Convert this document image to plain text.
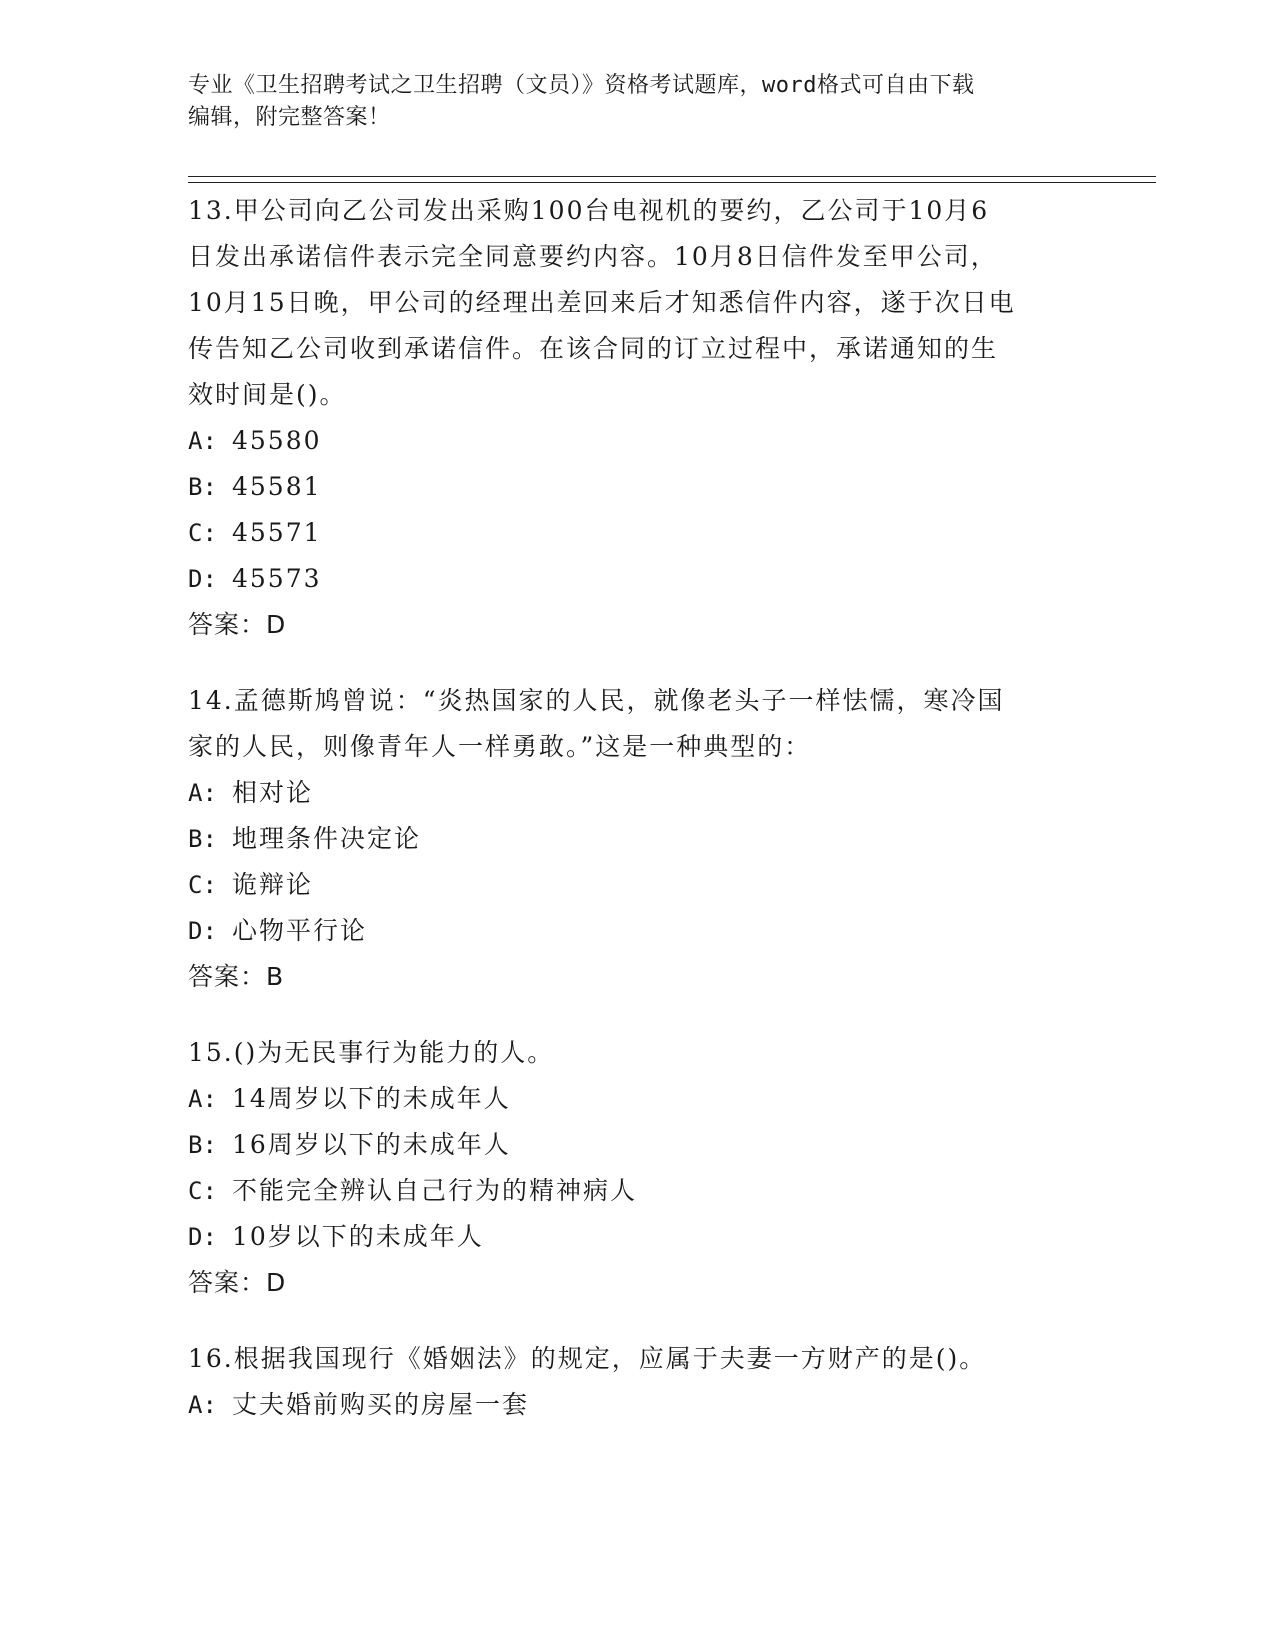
专业《卫生招聘考试之卫生招聘（文员）》资格考试题库，word格式可自由下载
编辑，附完整答案！
13.甲公司向乙公司发出采购100台电视机的要约，乙公司于10月6
日发出承诺信件表示完全同意要约内容。10月8日信件发至甲公司，
10月15日晚，甲公司的经理出差回来后才知悉信件内容，遂于次日电
传告知乙公司收到承诺信件。在该合同的订立过程中，承诺通知的生
效时间是()。
A: 45580
B: 45581
C: 45571
D: 45573
答案：D
14.孟德斯鸠曾说：“炎热国家的人民，就像老头子一样怯懦，寒冷国
家的人民，则像青年人一样勇敢。”这是一种典型的：
A: 相对论
B: 地理条件决定论
C: 诡辩论
D: 心物平行论
答案：B
15.()为无民事行为能力的人。
A: 14周岁以下的未成年人
B: 16周岁以下的未成年人
C: 不能完全辨认自己行为的精神病人
D: 10岁以下的未成年人
答案：D
16.根据我国现行《婚姻法》的规定，应属于夫妻一方财产的是()。
A: 丈夫婚前购买的房屋一套
